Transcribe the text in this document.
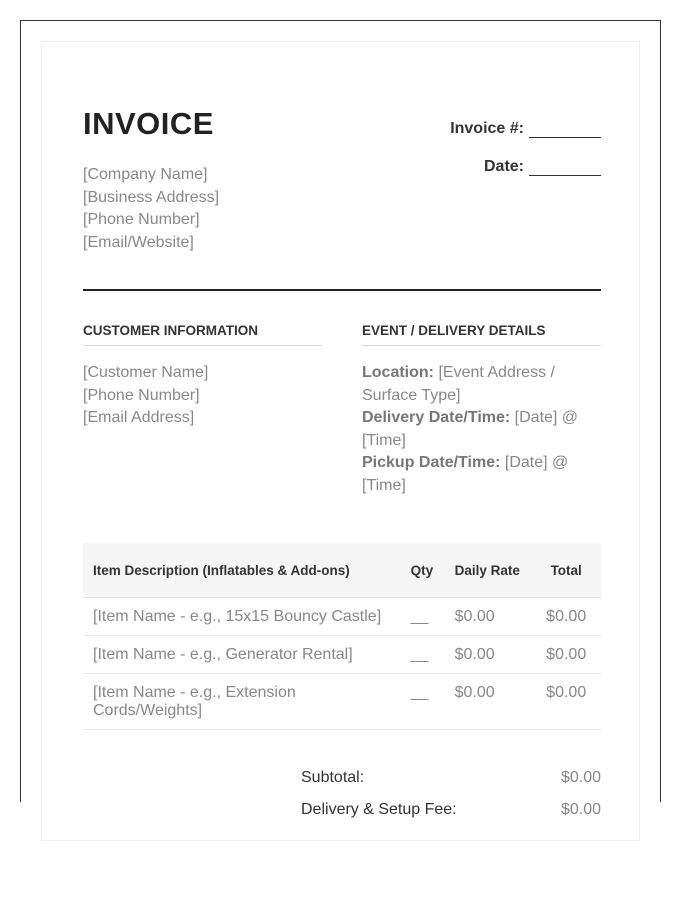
INVOICE
[Company Name]
[Business Address]
[Phone Number]
[Email/Website]
Invoice #:
Date:
CUSTOMER INFORMATION	EVENT / DELIVERY DETAILS
[Customer Name]
[Phone Number]
[Email Address]
Location: [Event Address / Surface Type]
Delivery Date/Time: [Date] @ [Time]
Pickup Date/Time: [Date] @ [Time]
Item Description (Inflatables & Add-ons)	Qty	Daily Rate	Total
[Item Name - e.g., 15x15 Bouncy Castle]	__	$0.00	$0.00
[Item Name - e.g., Generator Rental]	__	$0.00	$0.00
[Item Name - e.g., Extension Cords/Weights]	__	$0.00	$0.00
Subtotal:	$0.00
Delivery & Setup Fee:	$0.00
